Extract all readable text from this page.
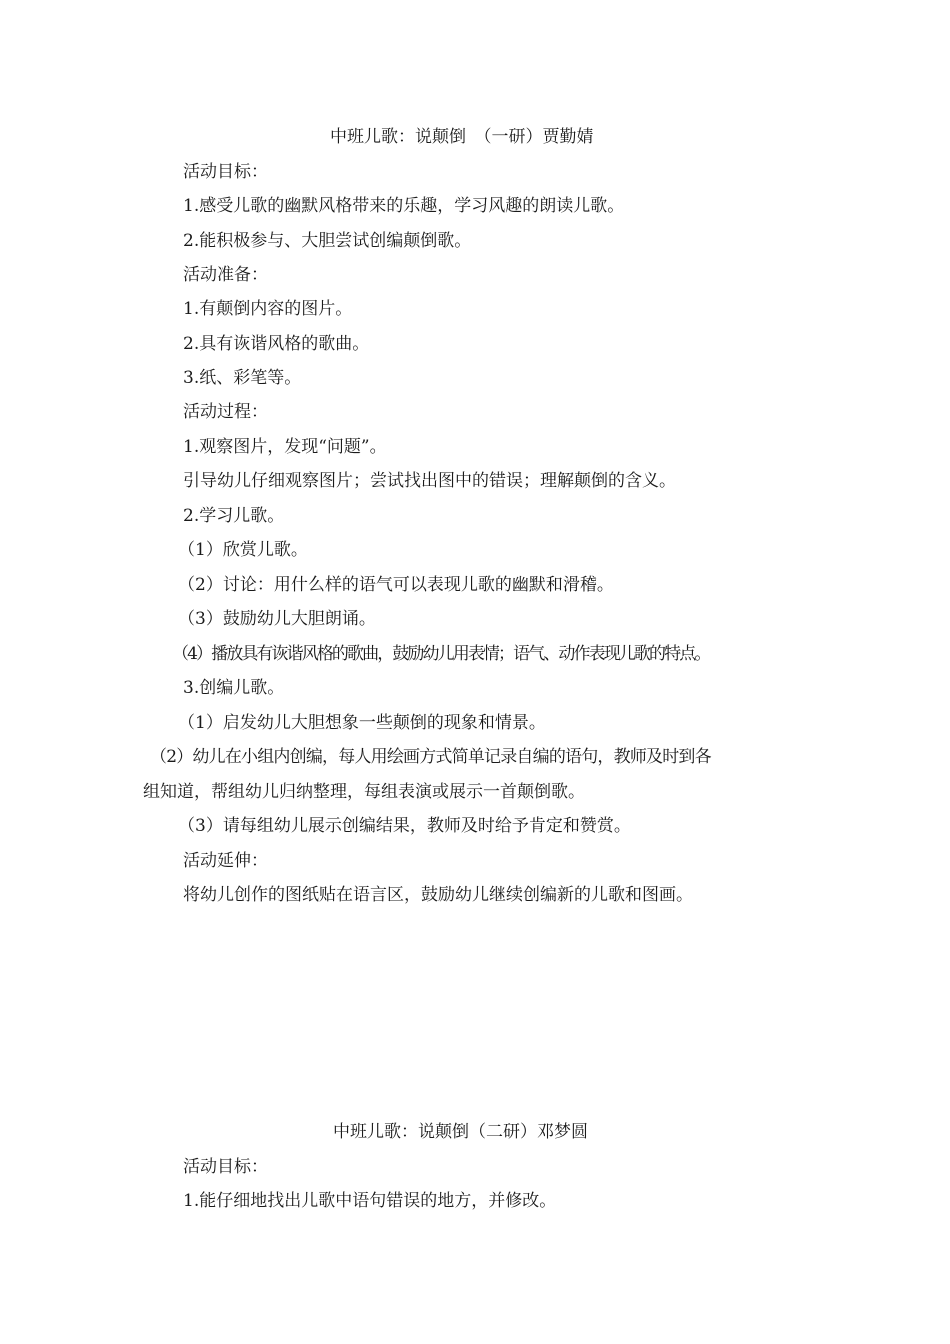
中班儿歌：说颠倒　（一研）贾勤婧
活动目标：
1.感受儿歌的幽默风格带来的乐趣，学习风趣的朗读儿歌。
2.能积极参与、大胆尝试创编颠倒歌。
活动准备：
1.有颠倒内容的图片。
2.具有诙谐风格的歌曲。
3.纸、彩笔等。
活动过程：
1.观察图片，发现“问题”。
引导幼儿仔细观察图片；尝试找出图中的错误；理解颠倒的含义。
2.学习儿歌。
（1）欣赏儿歌。
（2）讨论：用什么样的语气可以表现儿歌的幽默和滑稽。
（3）鼓励幼儿大胆朗诵。
（4）播放具有诙谐风格的歌曲，鼓励幼儿用表情；语气、动作表现儿歌的特点。
3.创编儿歌。
（1）启发幼儿大胆想象一些颠倒的现象和情景。
（2）幼儿在小组内创编，每人用绘画方式简单记录自编的语句，教师及时到各
组知道，帮组幼儿归纳整理，每组表演或展示一首颠倒歌。
（3）请每组幼儿展示创编结果，教师及时给予肯定和赞赏。
活动延伸：
将幼儿创作的图纸贴在语言区，鼓励幼儿继续创编新的儿歌和图画。
中班儿歌：说颠倒（二研）邓梦圆
活动目标：
1.能仔细地找出儿歌中语句错误的地方，并修改。
